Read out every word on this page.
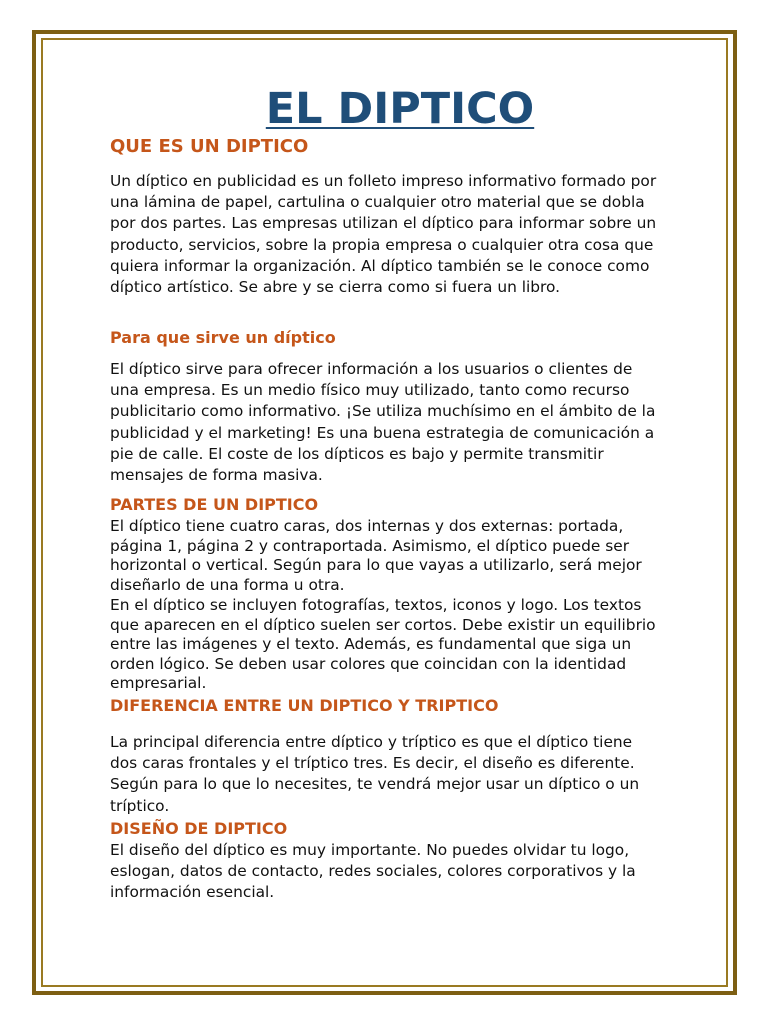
EL DIPTICO
QUE ES UN DIPTICO

Un díptico en publicidad es un folleto impreso informativo formado por una lámina de papel, cartulina o cualquier otro material que se dobla por dos partes. Las empresas utilizan el díptico para informar sobre un producto, servicios, sobre la propia empresa o cualquier otra cosa que quiera informar la organización. Al díptico también se le conoce como díptico artístico. Se abre y se cierra como si fuera un libro.

Para que sirve un díptico

El díptico sirve para ofrecer información a los usuarios o clientes de una empresa. Es un medio físico muy utilizado, tanto como recurso publicitario como informativo. ¡Se utiliza muchísimo en el ámbito de la publicidad y el marketing! Es una buena estrategia de comunicación a pie de calle. El coste de los dípticos es bajo y permite transmitir mensajes de forma masiva.

PARTES DE UN DIPTICO

El díptico tiene cuatro caras, dos internas y dos externas: portada, página 1, página 2 y contraportada. Asimismo, el díptico puede ser horizontal o vertical. Según para lo que vayas a utilizarlo, será mejor diseñarlo de una forma u otra.

En el díptico se incluyen fotografías, textos, iconos y logo. Los textos que aparecen en el díptico suelen ser cortos. Debe existir un equilibrio entre las imágenes y el texto. Además, es fundamental que siga un orden lógico. Se deben usar colores que coincidan con la identidad empresarial.

DIFERENCIA ENTRE UN DIPTICO Y TRIPTICO

La principal diferencia entre díptico y tríptico es que el díptico tiene dos caras frontales y el tríptico tres. Es decir, el diseño es diferente. Según para lo que lo necesites, te vendrá mejor usar un díptico o un tríptico.

DISEÑO DE DIPTICO

El diseño del díptico es muy importante. No puedes olvidar tu logo, eslogan, datos de contacto, redes sociales, colores corporativos y la información esencial.
